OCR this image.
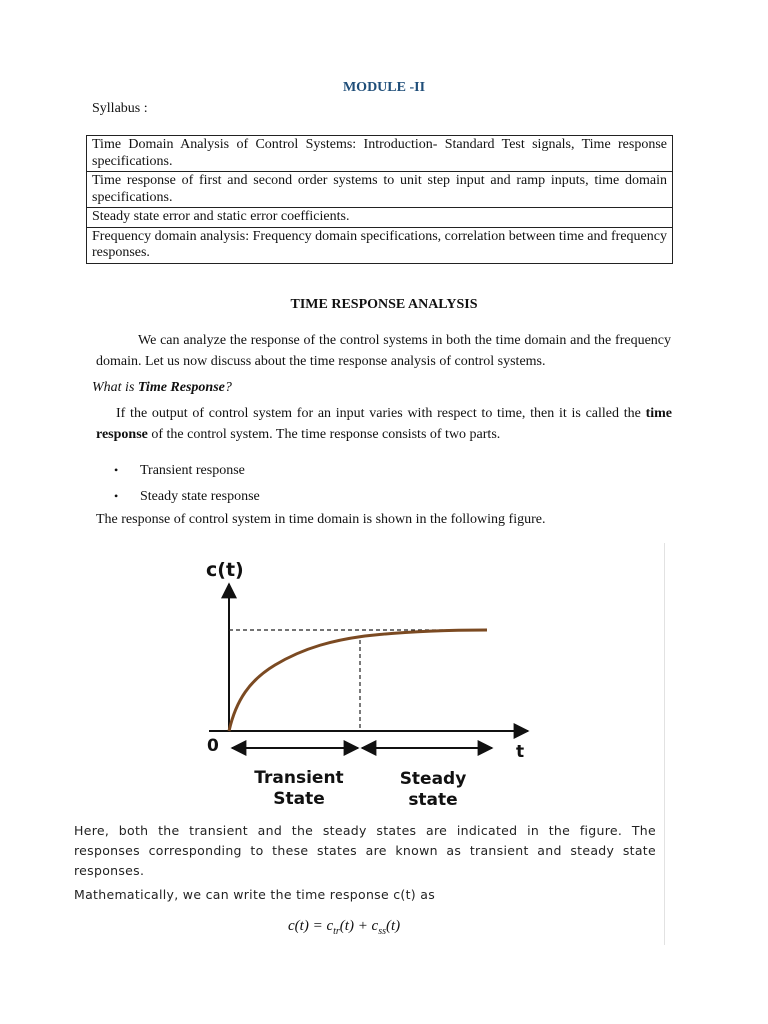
MODULE -II
Syllabus :
Time Domain Analysis of Control Systems: Introduction- Standard Test signals, Time response specifications.
Time response of first and second order systems to unit step input and ramp inputs, time domain specifications.
Steady state error and static error coefficients.
Frequency domain analysis: Frequency domain specifications, correlation between time and frequency responses.
TIME RESPONSE ANALYSIS
We can analyze the response of the control systems in both the time domain and the frequency domain. Let us now discuss about the time response analysis of control systems.
What is Time Response?
If the output of control system for an input varies with respect to time, then it is called the time response of the control system. The time response consists of two parts.
• Transient response
• Steady state response
The response of control system in time domain is shown in the following figure.
c(t)
0	t
Transient
State
Steady
state
Here, both the transient and the steady states are indicated in the figure. The responses corresponding to these states are known as transient and steady state responses.
Mathematically, we can write the time response c(t) as
$c(t) = c_{tr}(t) + c_{ss}(t)$
